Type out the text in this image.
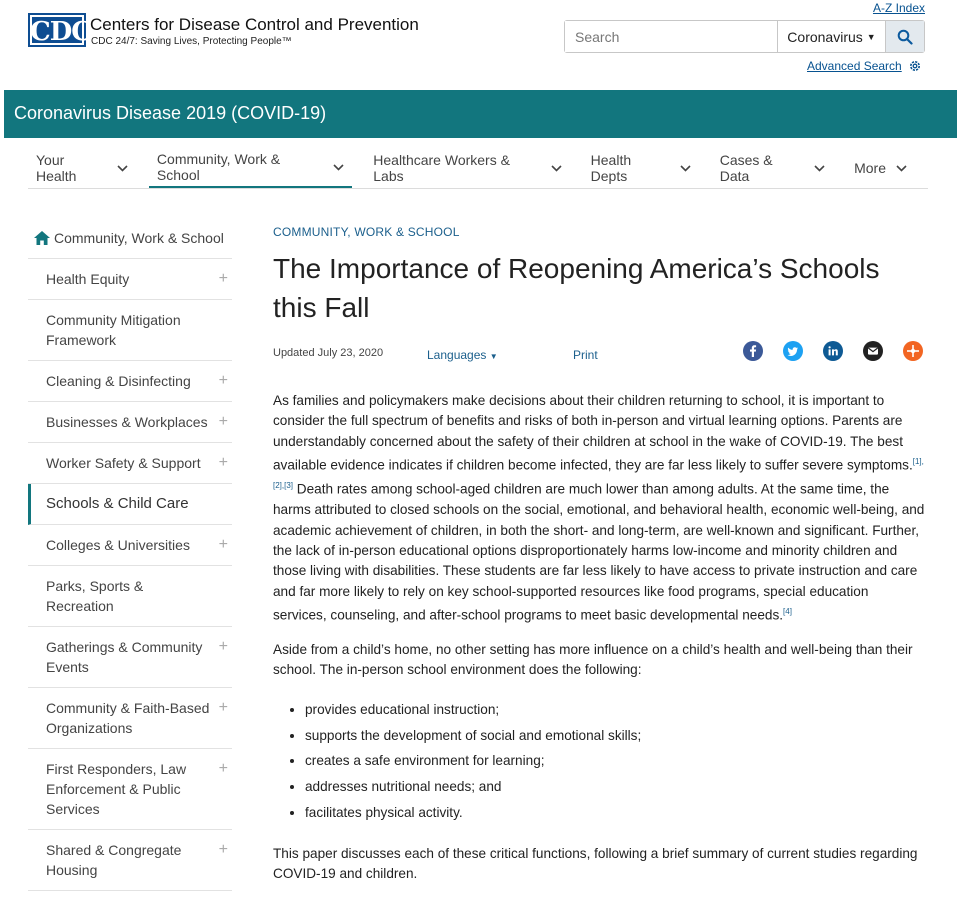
CDC Centers for Disease Control and Prevention
CDC 24/7: Saving Lives, Protecting People™
A-Z Index
Search
Coronavirus ▼
Advanced Search
Coronavirus Disease 2019 (COVID-19)
Your Health
Community, Work & School
Healthcare Workers & Labs
Health Depts
Cases & Data	More
Community, Work & School
Health Equity	+
Community Mitigation Framework
Cleaning & Disinfecting +
Businesses & Workplaces +
Worker Safety & Support +
Schools & Child Care
Colleges & Universities +
Parks, Sports & Recreation
Gatherings & Community Events
+
Community & Faith-Based Organizations
+
First Responders, Law Enforcement & Public Services
+
Shared & Congregate Housing
+
COMMUNITY, WORK & SCHOOL
The Importance of Reopening America’s Schools this Fall
Updated July 23, 2020	Languages ▼	Print

As families and policymakers make decisions about their children returning to school, it is important to consider the full spectrum of benefits and risks of both in-person and virtual learning options. Parents are understandably concerned about the safety of their children at school in the wake of COVID-19. The best available evidence indicates if children become infected, they are far less likely to suffer severe symptoms.[1],[2],[3] Death rates among school-aged children are much lower than among adults. At the same time, the harms attributed to closed schools on the social, emotional, and behavioral health, economic well-being, and academic achievement of children, in both the short- and long-term, are well-known and significant. Further, the lack of in-person educational options disproportionately harms low-income and minority children and those living with disabilities. These students are far less likely to have access to private instruction and care and far more likely to rely on key school-supported resources like food programs, special education services, counseling, and after-school programs to meet basic developmental needs.[4]

Aside from a child’s home, no other setting has more influence on a child’s health and well-being than their school. The in-person school environment does the following:

• provides educational instruction;
• supports the development of social and emotional skills;
• creates a safe environment for learning;
• addresses nutritional needs; and
• facilitates physical activity.

This paper discusses each of these critical functions, following a brief summary of current studies regarding COVID-19 and children.
